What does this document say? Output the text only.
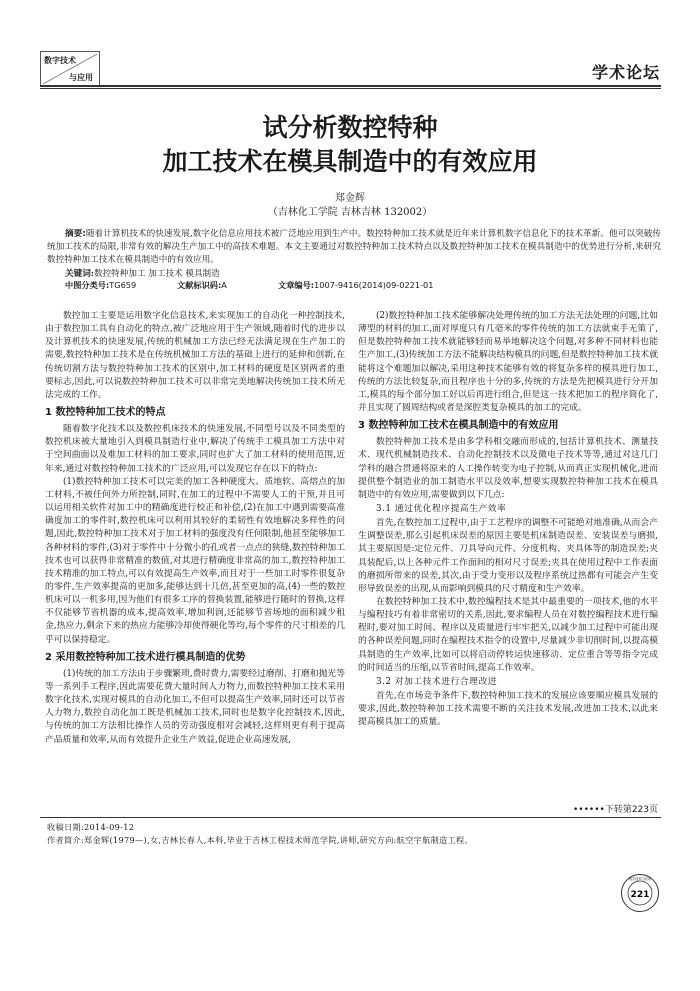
数字技术
与应用	学术论坛
试分析数控特种
加工技术在模具制造中的有效应用
郑金辉
（吉林化工学院 吉林吉林 132002）
摘要:随着计算机技术的快速发展,数字化信息应用技术被广泛地应用到生产中。数控特种加工技术就是近年来计算机数字信息化下的技术革新。他可以突破传统加工技术的局限,非常有效的解决生产加工中的高技术难题。本文主要通过对数控特种加工技术特点以及数控特种加工技术在模具制造中的优势进行分析,来研究数控特种加工技术在模具制造中的有效应用。
关键词:数控特种加工 加工技术 模具制造
中图分类号:TG659	文献标识码:A	文章编号:1007-9416(2014)09-0221-01

数控加工主要是运用数字化信息技术,来实现加工的自动化一种控制技术,由于数控加工具有自动化的特点,被广泛地应用于生产领域,随着时代的进步以及计算机技术的快速发展,传统的机械加工方法已经无法满足现在生产加工的需要,数控特种加工技术是在传统机械加工方法的基础上进行的延伸和创新,在传统切割方法与数控特种加工技术的区别中,加工材料的硬度是区别两者的重要标志,因此,可以说数控特种加工技术可以非常完美地解决传统加工技术所无法完成的工作。

1 数控特种加工技术的特点

随着数字化技术以及数控机床技术的快速发展,不同型号以及不同类型的数控机床被大量地引入到模具制造行业中,解决了传统手工模具加工方法中对于空间曲面以及难加工材料的加工要求,同时也扩大了加工材料的使用范围,近年来,通过对数控特种加工技术的广泛应用,可以发现它存在以下的特点:

(1)数控特种加工技术可以完美的加工各种硬度大、质地软、高熔点的加工材料,不被任何外力所控制,同时,在加工的过程中不需要人工的干预,并且可以运用相关软件对加工中的精确度进行校正和补偿,(2)在加工中遇到需要高准确度加工的零件时,数控机床可以利用其较好的柔韧性有效地解决多样性的问题,因此,数控特种加工技术对于加工材料的强度没有任何限制,他甚至能够加工各种材料的零件,(3)对于零件中十分微小的孔或者一点点的狭缝,数控特种加工技术也可以获得非常精准的数值,对其进行精确度非常高的加工,数控特种加工技术精准的加工特点,可以有效提高生产效率,而且对于一些加工时零件很复杂的零件,生产效率提高的更加多,能够达到十几倍,甚至更加的高,(4)一些的数控机床可以一机多用,因为他们有很多工序的替换装置,能够进行随时的替换,这样不仅能够节省机器的成本,提高效率,增加利润,还能够节省场地的面积减少租金,热应力,剩余下来的热应力能够冷却使得硬化等均,每个零件的尺寸相差的几乎可以保持稳定。

2 采用数控特种加工技术进行模具制造的优势

(1)传统的加工方法由于步骤繁琐,费时费力,需要经过磨削、打磨和抛光等等一系列手工程序,因此需要花费大量时间人力物力,而数控特种加工技术采用数字化技术,实现对模具的自动化加工,不但可以提高生产效率,同时还可以节省人力物力,数控自动化加工既是机械加工技术,同时也是数字化控制技术,因此,与传统的加工方法相比操作人员的劳动强度相对会减轻,这样则更有利于提高产品质量和效率,从而有效提升企业生产效益,促进企业高速发展,

(2)数控特种加工技术能够解决处理传统的加工方法无法处理的问题,比如薄型的材料的加工,面对厚度只有几毫米的零件传统的加工方法就束手无策了,但是数控特种加工技术就能够轻而易举地解决这个问题,对多种不同材料也能生产加工,(3)传统加工方法不能解决结构模具的问题,但是数控特种加工技术就能将这个难题加以解决,采用这种技术能够有效的将复杂多样的模具进行加工,传统的方法比较复杂,而且程序也十分的多,传统的方法是先把模具进行分开加工,模具的每个部分加工好以后再进行组合,但是这一技术把加工的程序简化了,并且实现了圆周结构或者是深腔类复杂模具的加工的完成。

3 数控特种加工技术在模具制造中的有效应用

数控特种加工技术是由多学科相交融而形成的,包括计算机技术、测量技术、现代机械制造技术、自动化控制技术以及微电子技术等等,通过对这几门学科的融合贯通将原来的人工操作转变为电子控制,从而真正实现机械化,进而提供整个制造业的加工制造水平以及效率,想要实现数控特种加工技术在模具制造中的有效应用,需要做到以下几点:

3.1 通过优化程序提高生产效率

首先,在数控加工过程中,由于工艺程序的调整不可能绝对地准确,从而会产生调整误差,那么引起机床误差的原因主要是机床制造误差、安装误差与磨损,其主要原因是:定位元件、刀具导向元件、分度机构、夹具体等的制造误差;夹具装配后,以上各种元件工作面间的相对尺寸误差;夹具在使用过程中工作表面的磨损所带来的误差,其次,由于受力变形以及程序系统过热都有可能会产生变形导致误差的出现,从而影响到模具的尺寸精度和生产效率。

在数控特种加工技术中,数控编程技术是其中最重要的一项技术,他的水平与编程技巧有着非常密切的关系,因此,要求编程人员在对数控编程技术进行编程时,要对加工时间、程序以及质量进行牢牢把关,以减少加工过程中可能出现的各种误差问题,同时在编程技术指令的设置中,尽量减少非切削时间,以提高模具制造的生产效率,比如可以将启动停转运快速移动、定位重合等等指令完成的时间适当的压缩,以节省时间,提高工作效率。

3.2 对加工技术进行合理改进

首先,在市场竞争条件下,数控特种加工技术的发展应该要顺应模具发展的要求,因此,数控特种加工技术需要不断的关注技术发展,改进加工技术,以此来提高模具加工的质量。

••••••下转第223页
收稿日期:2014-09-12
作者简介:郑金辉(1979—),女,吉林长春人,本科,毕业于吉林工程技术师范学院,讲师,研究方向:航空宇航制造工程。
数字技术与应用
221
